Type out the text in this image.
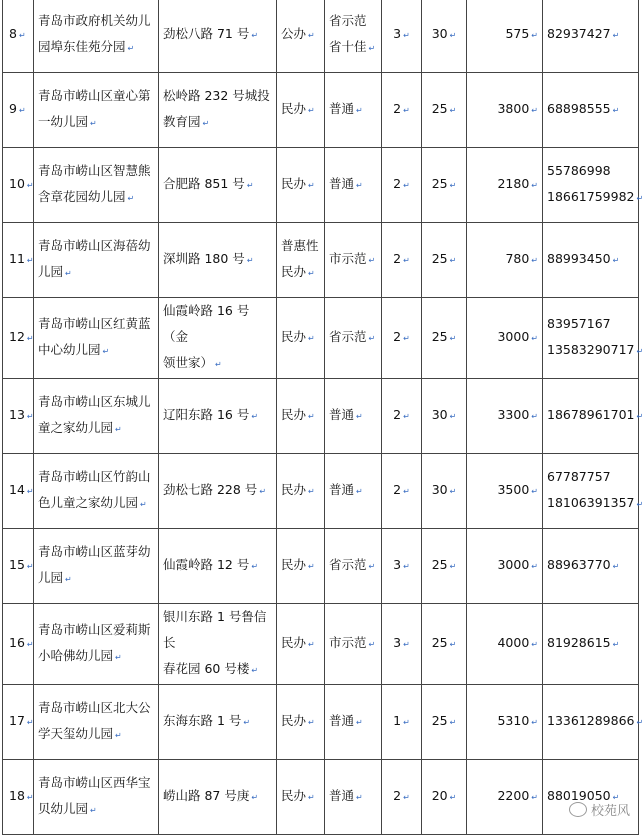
8 ↵	青岛市政府机关幼儿
园埠东佳苑分园 ↵	劲松八路 71 号 ↵	公办 ↵	省示范
省十佳 ↵	3 ↵	30 ↵	575 ↵	82937427 ↵
9 ↵	青岛市崂山区童心第
一幼儿园 ↵	松岭路 232 号城投
教育园 ↵	民办 ↵	普通 ↵	2 ↵	25 ↵	3800 ↵	68898555 ↵
10 ↵	青岛市崂山区智慧熊
含章花园幼儿园 ↵	合肥路 851 号 ↵	民办 ↵	普通 ↵	2 ↵	25 ↵	2180 ↵	55786998
18661759982 ↵
11 ↵	青岛市崂山区海蓓幼
儿园 ↵	深圳路 180 号 ↵	普惠性
民办 ↵	市示范 ↵	2 ↵	25 ↵	780 ↵	88993450 ↵
12 ↵	青岛市崂山区红黄蓝
中心幼儿园 ↵	仙霞岭路 16 号（金
领世家） ↵	民办 ↵	省示范 ↵	2 ↵	25 ↵	3000 ↵	83957167
13583290717 ↵
13 ↵	青岛市崂山区东城儿
童之家幼儿园 ↵	辽阳东路 16 号 ↵	民办 ↵	普通 ↵	2 ↵	30 ↵	3300 ↵	18678961701 ↵
14 ↵	青岛市崂山区竹韵山
色儿童之家幼儿园 ↵	劲松七路 228 号 ↵	民办 ↵	普通 ↵	2 ↵	30 ↵	3500 ↵	67787757
18106391357 ↵
15 ↵	青岛市崂山区蓝芽幼
儿园 ↵	仙霞岭路 12 号 ↵	民办 ↵	省示范 ↵	3 ↵	25 ↵	3000 ↵	88963770 ↵
16 ↵	青岛市崂山区爱莉斯
小哈佛幼儿园 ↵	银川东路 1 号鲁信长
春花园 60 号楼 ↵	民办 ↵	市示范 ↵	3 ↵	25 ↵	4000 ↵	81928615 ↵
17 ↵	青岛市崂山区北大公
学天玺幼儿园 ↵	东海东路 1 号 ↵	民办 ↵	普通 ↵	1 ↵	25 ↵	5310 ↵	13361289866 ↵
18 ↵	青岛市崂山区西华宝
贝幼儿园 ↵	崂山路 87 号庚 ↵	民办 ↵	普通 ↵	2 ↵	20 ↵	2200 ↵	88019050 ↵
校苑风
